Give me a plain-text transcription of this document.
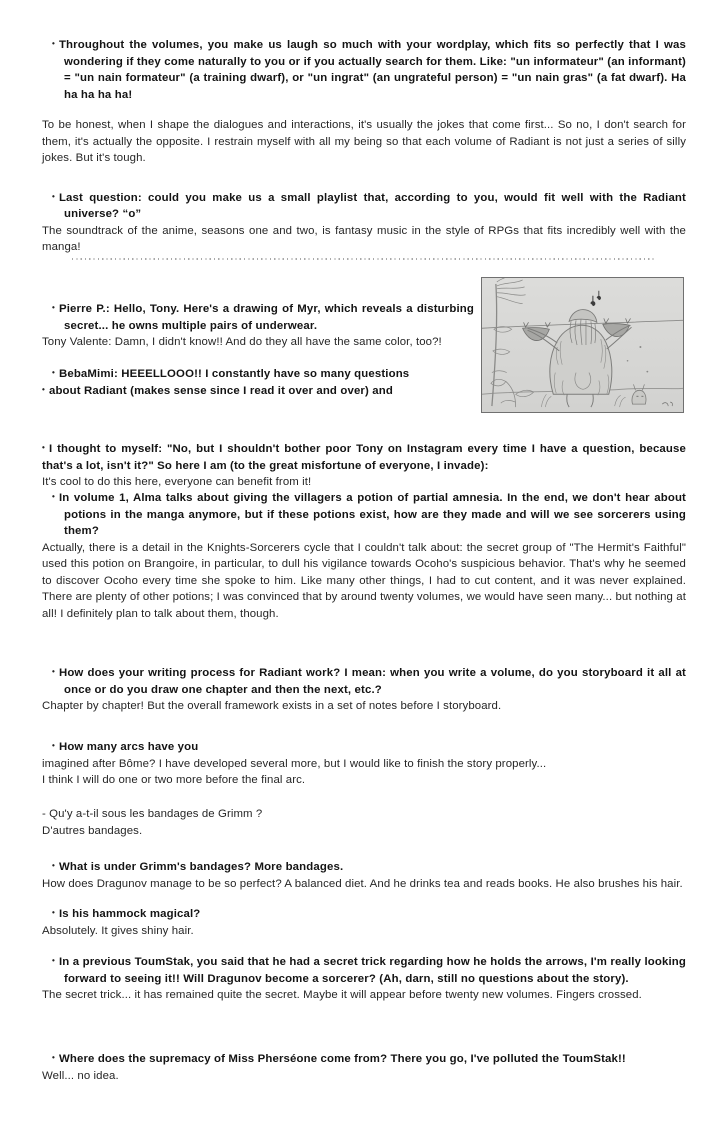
• Throughout the volumes, you make us laugh so much with your wordplay, which fits so perfectly that I was wondering if they come naturally to you or if you actually search for them. Like: "un informateur" (an informant) = "un nain formateur" (a training dwarf), or "un ingrat" (an ungrateful person) = "un nain gras" (a fat dwarf). Ha ha ha ha ha!

To be honest, when I shape the dialogues and interactions, it's usually the jokes that come first... So no, I don't search for them, it's actually the opposite. I restrain myself with all my being so that each volume of Radiant is not just a series of silly jokes. But it's tough.

• Last question: could you make us a small playlist that, according to you, would fit well with the Radiant universe? “o”

The soundtrack of the anime, seasons one and two, is fantasy music in the style of RPGs that fits incredibly well with the manga!

• Pierre P.: Hello, Tony. Here's a drawing of Myr, which reveals a disturbing secret... he owns multiple pairs of underwear.

Tony Valente: Damn, I didn't know!! And do they all have the same color, too?!

• BebaMimi: HEEELLOOO!! I constantly have so many questions

• about Radiant (makes sense since I read it over and over) and

• I thought to myself: "No, but I shouldn't bother poor Tony on Instagram every time I have a question, because that's a lot, isn't it?" So here I am (to the great misfortune of everyone, I invade):

It's cool to do this here, everyone can benefit from it!

• In volume 1, Alma talks about giving the villagers a potion of partial amnesia. In the end, we don't hear about potions in the manga anymore, but if these potions exist, how are they made and will we see sorcerers using them?

Actually, there is a detail in the Knights-Sorcerers cycle that I couldn't talk about: the secret group of "The Hermit's Faithful" used this potion on Brangoire, in particular, to dull his vigilance towards Ocoho's suspicious behavior. That's why he seemed to discover Ocoho every time she spoke to him. Like many other things, I had to cut content, and it was never explained. There are plenty of other potions; I was convinced that by around twenty volumes, we would have seen many... but nothing at all! I definitely plan to talk about them, though.

• How does your writing process for Radiant work? I mean: when you write a volume, do you storyboard it all at once or do you draw one chapter and then the next, etc.?

Chapter by chapter! But the overall framework exists in a set of notes before I storyboard.

• How many arcs have you

imagined after Bôme? I have developed several more, but I would like to finish the story properly...

I think I will do one or two more before the final arc.

- Qu'y a-t-il sous les bandages de Grimm ?

D'autres bandages.

• What is under Grimm's bandages? More bandages.

How does Dragunov manage to be so perfect? A balanced diet. And he drinks tea and reads books. He also brushes his hair.

• Is his hammock magical?

Absolutely. It gives shiny hair.

• In a previous ToumStak, you said that he had a secret trick regarding how he holds the arrows, I'm really looking forward to seeing it!! Will Dragunov become a sorcerer? (Ah, darn, still no questions about the story).

The secret trick... it has remained quite the secret. Maybe it will appear before twenty new volumes. Fingers crossed.

• Where does the supremacy of Miss Pherséone come from? There you go, I've polluted the ToumStak!!

Well... no idea.
